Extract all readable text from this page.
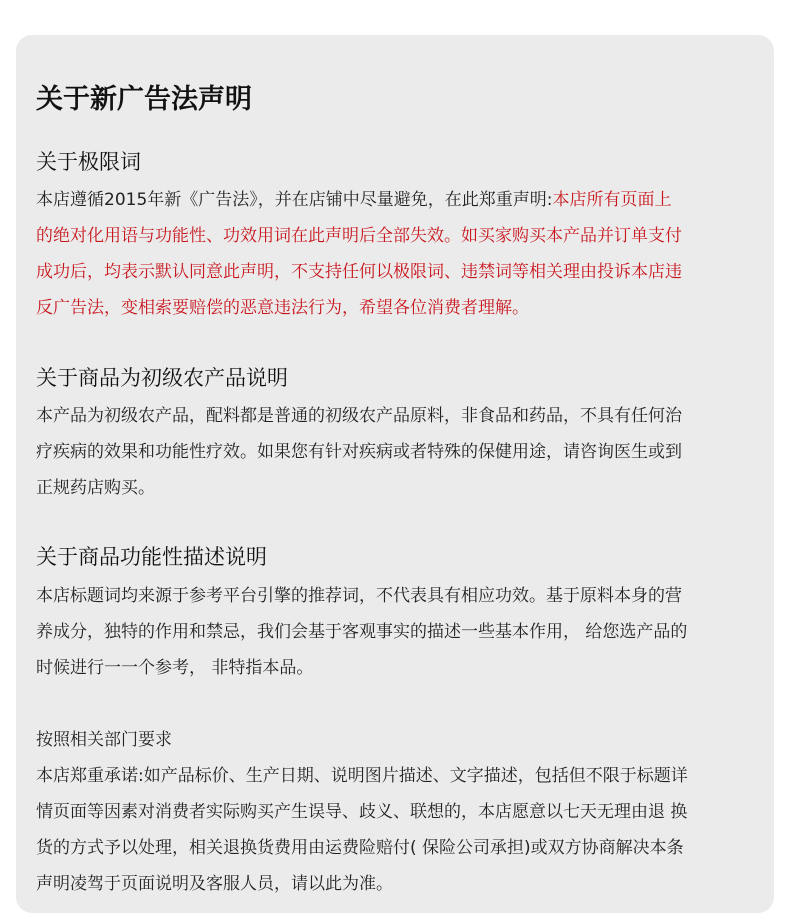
关于新广告法声明
关于极限词

本店遵循2015年新《广告法》，并在店铺中尽量避免，在此郑重声明:本店所有页面上

的绝对化用语与功能性、功效用词在此声明后全部失效。如买家购买本产品并订单支付

成功后，均表示默认同意此声明，不支持任何以极限词、违禁词等相关理由投诉本店违

反广告法，变相索要赔偿的恶意违法行为，希望各位消费者理解。

关于商品为初级农产品说明

本产品为初级农产品，配料都是普通的初级农产品原料，非食品和药品，不具有任何治

疗疾病的效果和功能性疗效。如果您有针对疾病或者特殊的保健用途，请咨询医生或到

正规药店购买。

关于商品功能性描述说明

本店标题词均来源于参考平台引擎的推荐词，不代表具有相应功效。基于原料本身的营

养成分，独特的作用和禁忌，我们会基于客观事实的描述一些基本作用， 给您选产品的

时候进行一一个参考， 非特指本品。

按照相关部门要求

本店郑重承诺:如产品标价、生产日期、说明图片描述、文字描述，包括但不限于标题详

情页面等因素对消费者实际购买产生误导、歧义、联想的，本店愿意以七天无理由退 换

货的方式予以处理，相关退换货费用由运费险赔付( 保险公司承担)或双方协商解决本条

声明凌驾于页面说明及客服人员，请以此为准。
